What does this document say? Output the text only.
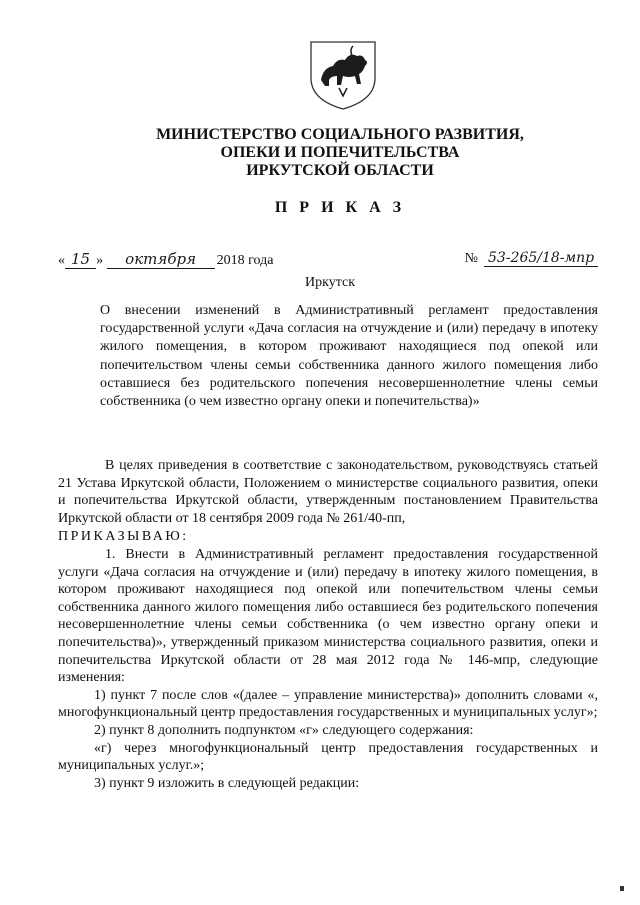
МИНИСТЕРСТВО СОЦИАЛЬНОГО РАЗВИТИЯ,
ОПЕКИ И ПОПЕЧИТЕЛЬСТВА
ИРКУТСКОЙ ОБЛАСТИ
П Р И К А З
« 15 » октября 2018 года	№ 53-265/18-мпр
Иркутск

О внесении изменений в Административный регламент предоставления государственной услуги «Дача согласия на отчуждение и (или) передачу в ипотеку жилого помещения, в котором проживают находящиеся под опекой или попечительством члены семьи собственника данного жилого помещения либо оставшиеся без родительского попечения несовершеннолетние члены семьи собственника (о чем известно органу опеки и попечительства)»

В целях приведения в соответствие с законодательством, руководствуясь статьей 21 Устава Иркутской области, Положением о министерстве социального развития, опеки и попечительства Иркутской области, утвержденным постановлением Правительства Иркутской области от 18 сентября 2009 года № 261/40-пп,

ПРИКАЗЫВАЮ:

1. Внести в Административный регламент предоставления государственной услуги «Дача согласия на отчуждение и (или) передачу в ипотеку жилого помещения, в котором проживают находящиеся под опекой или попечительством члены семьи собственника данного жилого помещения либо оставшиеся без родительского попечения несовершеннолетние члены семьи собственника (о чем известно органу опеки и попечительства)», утвержденный приказом министерства социального развития, опеки и попечительства Иркутской области от 28 мая 2012 года № 146-мпр, следующие изменения:

1) пункт 7 после слов «(далее – управление министерства)» дополнить словами «, многофункциональный центр предоставления государственных и муниципальных услуг»;

2) пункт 8 дополнить подпунктом «г» следующего содержания:

«г) через многофункциональный центр предоставления государственных и муниципальных услуг.»;

3) пункт 9 изложить в следующей редакции:
